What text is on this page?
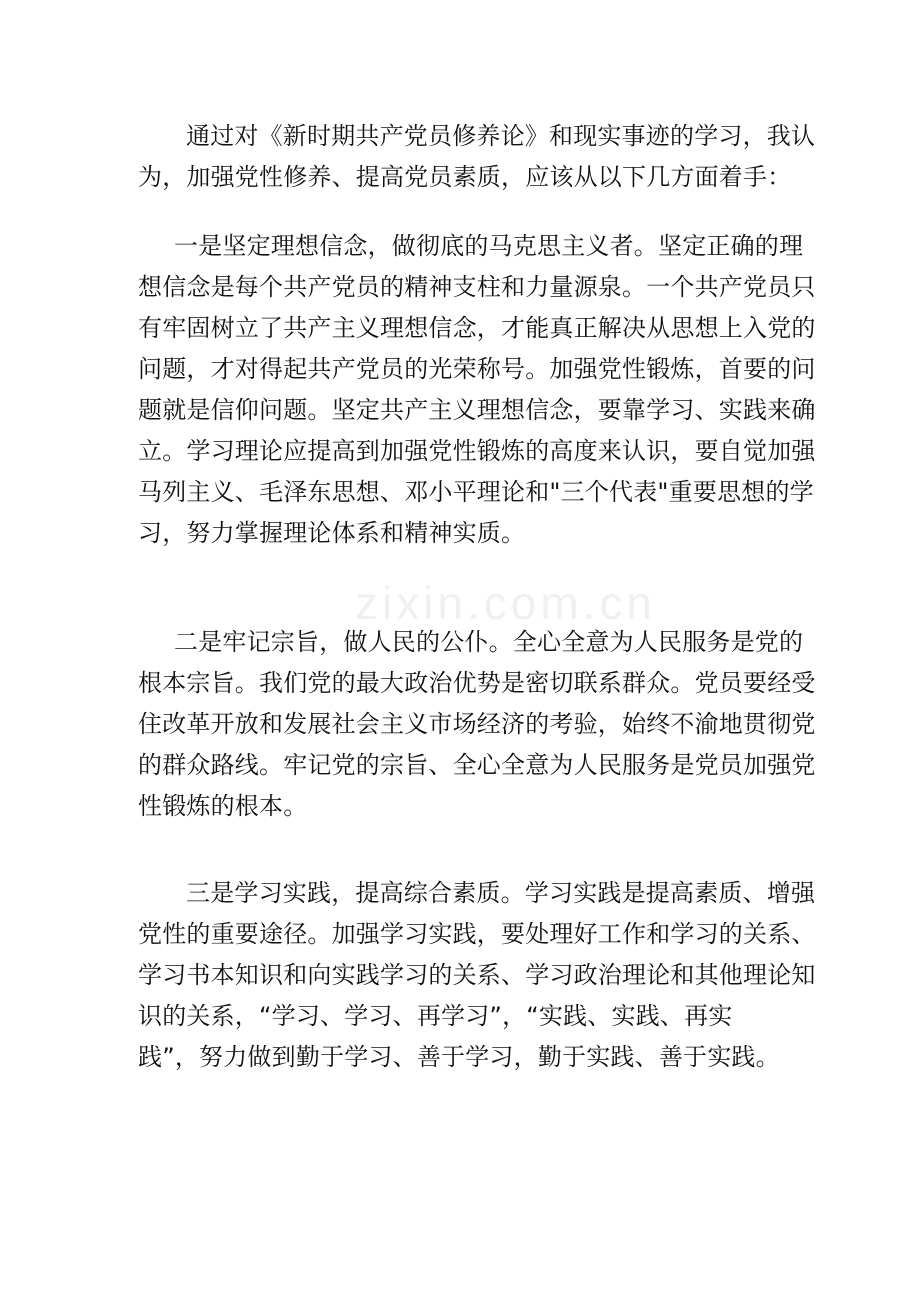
zixin.com.cn

通过对《新时期共产党员修养论》和现实事迹的学习，我认
为，加强党性修养、提高党员素质，应该从以下几方面着手：

一是坚定理想信念，做彻底的马克思主义者。坚定正确的理
想信念是每个共产党员的精神支柱和力量源泉。一个共产党员只
有牢固树立了共产主义理想信念，才能真正解决从思想上入党的
问题，才对得起共产党员的光荣称号。加强党性锻炼，首要的问
题就是信仰问题。坚定共产主义理想信念，要靠学习、实践来确
立。学习理论应提高到加强党性锻炼的高度来认识，要自觉加强
马列主义、毛泽东思想、邓小平理论和"三个代表"重要思想的学
习，努力掌握理论体系和精神实质。

二是牢记宗旨，做人民的公仆。全心全意为人民服务是党的
根本宗旨。我们党的最大政治优势是密切联系群众。党员要经受
住改革开放和发展社会主义市场经济的考验，始终不渝地贯彻党
的群众路线。牢记党的宗旨、全心全意为人民服务是党员加强党
性锻炼的根本。

三是学习实践，提高综合素质。学习实践是提高素质、增强
党性的重要途径。加强学习实践，要处理好工作和学习的关系、
学习书本知识和向实践学习的关系、学习政治理论和其他理论知
识的关系，“学习、学习、再学习”，“实践、实践、再实
践”，努力做到勤于学习、善于学习，勤于实践、善于实践。
